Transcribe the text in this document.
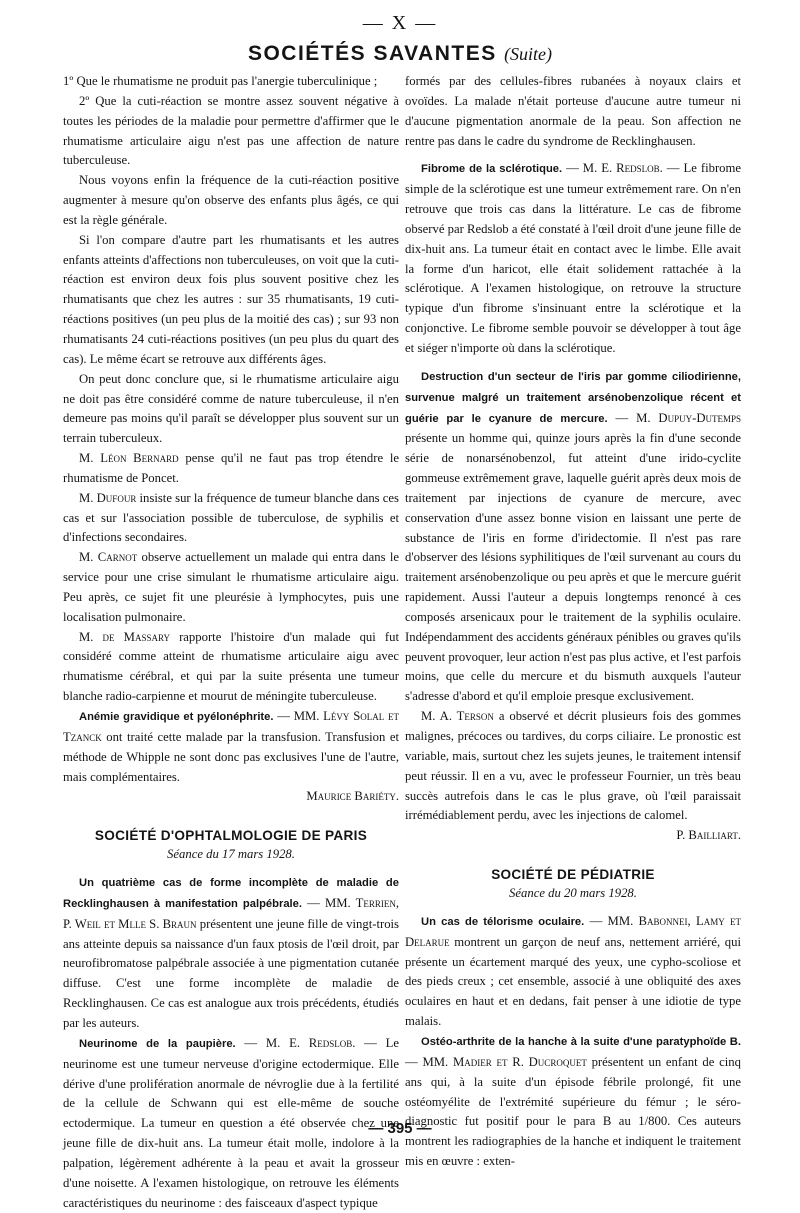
— X —
SOCIÉTÉS SAVANTES (Suite)

1º Que le rhumatisme ne produit pas l'anergie tuberculinique ;

2º Que la cuti-réaction se montre assez souvent négative à toutes les périodes de la maladie pour permettre d'affirmer que le rhumatisme articulaire aigu n'est pas une affection de nature tuberculeuse.

Nous voyons enfin la fréquence de la cuti-réaction positive augmenter à mesure qu'on observe des enfants plus âgés, ce qui est la règle générale.

Si l'on compare d'autre part les rhumatisants et les autres enfants atteints d'affections non tuberculeuses, on voit que la cuti-réaction est environ deux fois plus souvent positive chez les rhumatisants que chez les autres : sur 35 rhumatisants, 19 cuti-réactions positives (un peu plus de la moitié des cas) ; sur 93 non rhumatisants 24 cuti-réactions positives (un peu plus du quart des cas). Le même écart se retrouve aux différents âges.

On peut donc conclure que, si le rhumatisme articulaire aigu ne doit pas être considéré comme de nature tuberculeuse, il n'en demeure pas moins qu'il paraît se développer plus souvent sur un terrain tuberculeux.

M. Léon Bernard pense qu'il ne faut pas trop étendre le rhumatisme de Poncet.

M. Dufour insiste sur la fréquence de tumeur blanche dans ces cas et sur l'association possible de tuberculose, de syphilis et d'infections secondaires.

M. Carnot observe actuellement un malade qui entra dans le service pour une crise simulant le rhumatisme articulaire aigu. Peu après, ce sujet fit une pleurésie à lymphocytes, puis une localisation pulmonaire.

M. de Massary rapporte l'histoire d'un malade qui fut considéré comme atteint de rhumatisme articulaire aigu avec rhumatisme cérébral, et qui par la suite présenta une tumeur blanche radio-carpienne et mourut de méningite tuberculeuse.

Anémie gravidique et pyélonéphrite. — MM. Lévy Solal et Tzanck ont traité cette malade par la transfusion. Transfusion et méthode de Whipple ne sont donc pas exclusives l'une de l'autre, mais complémentaires.

Maurice Bariéty.

SOCIÉTÉ D'OPHTALMOLOGIE DE PARIS
Séance du 17 mars 1928.

Un quatrième cas de forme incomplète de maladie de Recklinghausen à manifestation palpébrale. — MM. Terrien, P. Weil et Mlle S. Braun présentent une jeune fille de vingt-trois ans atteinte depuis sa naissance d'un faux ptosis de l'œil droit, par neurofibromatose palpébrale associée à une pigmentation cutanée diffuse. C'est une forme incomplète de maladie de Recklinghausen. Ce cas est analogue aux trois précédents, étudiés par les auteurs.

Neurinome de la paupière. — M. E. Redslob. — Le neurinome est une tumeur nerveuse d'origine ectodermique. Elle dérive d'une prolifération anormale de névroglie due à la fertilité de la cellule de Schwann qui est elle-même de souche ectodermique. La tumeur en question a été observée chez une jeune fille de dix-huit ans. La tumeur était molle, indolore à la palpation, légèrement adhérente à la peau et avait la grosseur d'une noisette. A l'examen histologique, on retrouve les éléments caractéristiques du neurinome : des faisceaux d'aspect typique

formés par des cellules-fibres rubanées à noyaux clairs et ovoïdes. La malade n'était porteuse d'aucune autre tumeur ni d'aucune pigmentation anormale de la peau. Son affection ne rentre pas dans le cadre du syndrome de Recklinghausen.

Fibrome de la sclérotique. — M. E. Redslob. — Le fibrome simple de la sclérotique est une tumeur extrêmement rare. On n'en retrouve que trois cas dans la littérature. Le cas de fibrome observé par Redslob a été constaté à l'œil droit d'une jeune fille de dix-huit ans. La tumeur était en contact avec le limbe. Elle avait la forme d'un haricot, elle était solidement rattachée à la sclérotique. A l'examen histologique, on retrouve la structure typique d'un fibrome s'insinuant entre la sclérotique et la conjonctive. Le fibrome semble pouvoir se développer à tout âge et siéger n'importe où dans la sclérotique.

Destruction d'un secteur de l'iris par gomme ciliodirienne, survenue malgré un traitement arsénobenzolique récent et guérie par le cyanure de mercure. — M. Dupuy-Dutemps présente un homme qui, quinze jours après la fin d'une seconde série de nonarsénobenzol, fut atteint d'une irido-cyclite gommeuse extrêmement grave, laquelle guérit après deux mois de traitement par injections de cyanure de mercure, avec conservation d'une assez bonne vision en laissant une perte de substance de l'iris en forme d'iridectomie. Il n'est pas rare d'observer des lésions syphilitiques de l'œil survenant au cours du traitement arsénobenzolique ou peu après et que le mercure guérit rapidement. Aussi l'auteur a depuis longtemps renoncé à ces composés arsenicaux pour le traitement de la syphilis oculaire. Indépendamment des accidents généraux pénibles ou graves qu'ils peuvent provoquer, leur action n'est pas plus active, et l'est parfois moins, que celle du mercure et du bismuth auxquels l'auteur s'adresse d'abord et qu'il emploie presque exclusivement.

M. A. Terson a observé et décrit plusieurs fois des gommes malignes, précoces ou tardives, du corps ciliaire. Le pronostic est variable, mais, surtout chez les sujets jeunes, le traitement intensif peut réussir. Il en a vu, avec le professeur Fournier, un très beau succès autrefois dans le cas le plus grave, où l'œil paraissait irrémédiablement perdu, avec les injections de calomel.

P. Bailliart.

SOCIÉTÉ DE PÉDIATRIE
Séance du 20 mars 1928.

Un cas de télorisme oculaire. — MM. Babonnei, Lamy et Delarue montrent un garçon de neuf ans, nettement arriéré, qui présente un écartement marqué des yeux, une cypho-scoliose et des pieds creux ; cet ensemble, associé à une obliquité des axes oculaires en haut et en dedans, fait penser à une idiotie de type malais.

Ostéo-arthrite de la hanche à la suite d'une paratyphoïde B. — MM. Madier et R. Ducroquet présentent un enfant de cinq ans qui, à la suite d'un épisode fébrile prolongé, fit une ostéomyélite de l'extrémité supérieure du fémur ; le séro-diagnostic fut positif pour le para B au 1/800. Ces auteurs montrent les radiographies de la hanche et indiquent le traitement mis en œuvre : exten-

— 395 —
